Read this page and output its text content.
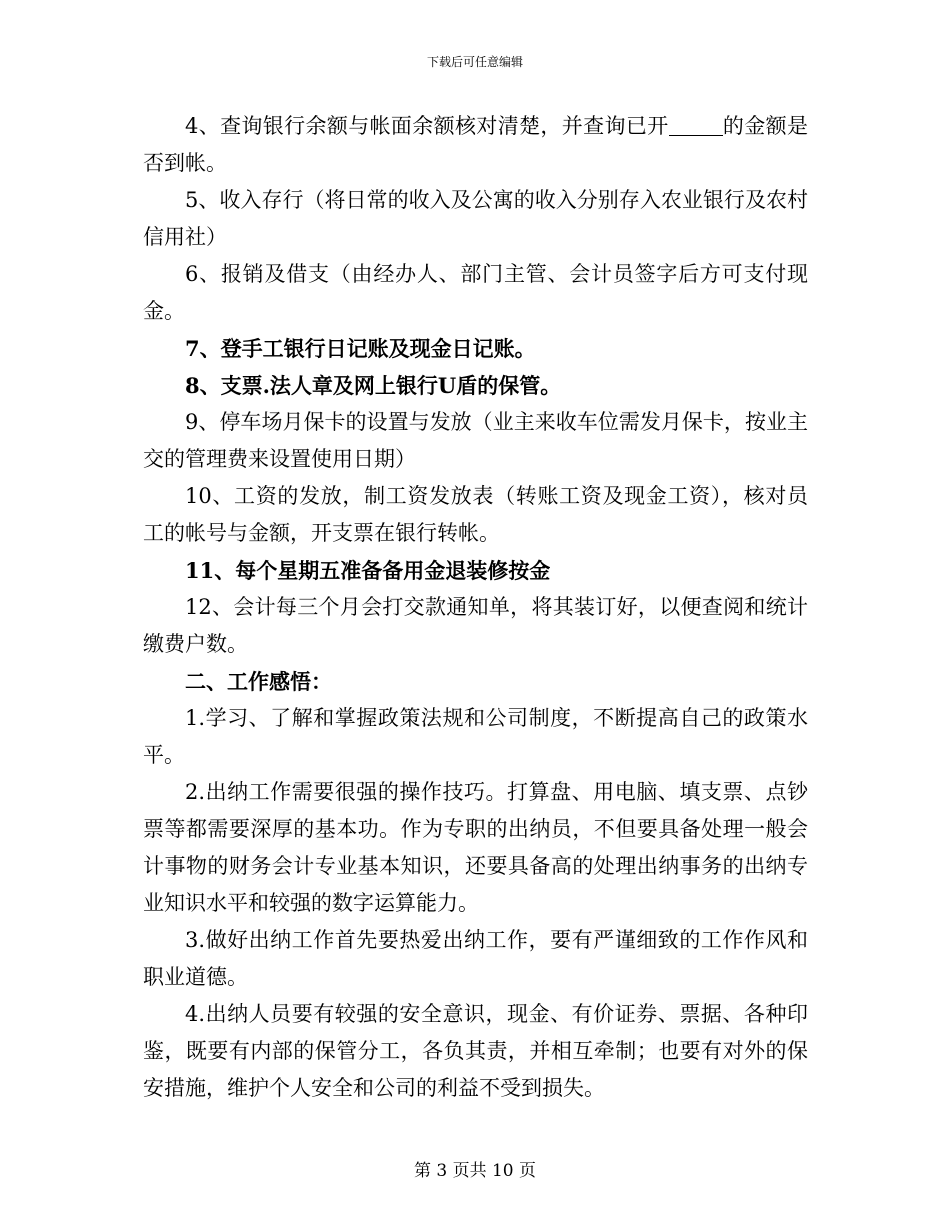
下载后可任意编辑

4、查询银行余额与帐面余额核对清楚，并查询已开	的金额是否到帐。

5、收入存行（将日常的收入及公寓的收入分别存入农业银行及农村信用社）

6、报销及借支（由经办人、部门主管、会计员签字后方可支付现金。

7、登手工银行日记账及现金日记账。

8、支票.法人章及网上银行U盾的保管。

9、停车场月保卡的设置与发放（业主来收车位需发月保卡，按业主交的管理费来设置使用日期）

10、工资的发放，制工资发放表（转账工资及现金工资），核对员工的帐号与金额，开支票在银行转帐。

11、每个星期五准备备用金退装修按金

12、会计每三个月会打交款通知单，将其装订好，以便查阅和统计缴费户数。

二、工作感悟：

1.学习、了解和掌握政策法规和公司制度，不断提高自己的政策水平。

2.出纳工作需要很强的操作技巧。打算盘、用电脑、填支票、点钞票等都需要深厚的基本功。作为专职的出纳员，不但要具备处理一般会计事物的财务会计专业基本知识，还要具备高的处理出纳事务的出纳专业知识水平和较强的数字运算能力。

3.做好出纳工作首先要热爱出纳工作，要有严谨细致的工作作风和职业道德。

4.出纳人员要有较强的安全意识，现金、有价证券、票据、各种印鉴，既要有内部的保管分工，各负其责，并相互牵制；也要有对外的保安措施，维护个人安全和公司的利益不受到损失。

第 3 页共 10 页
